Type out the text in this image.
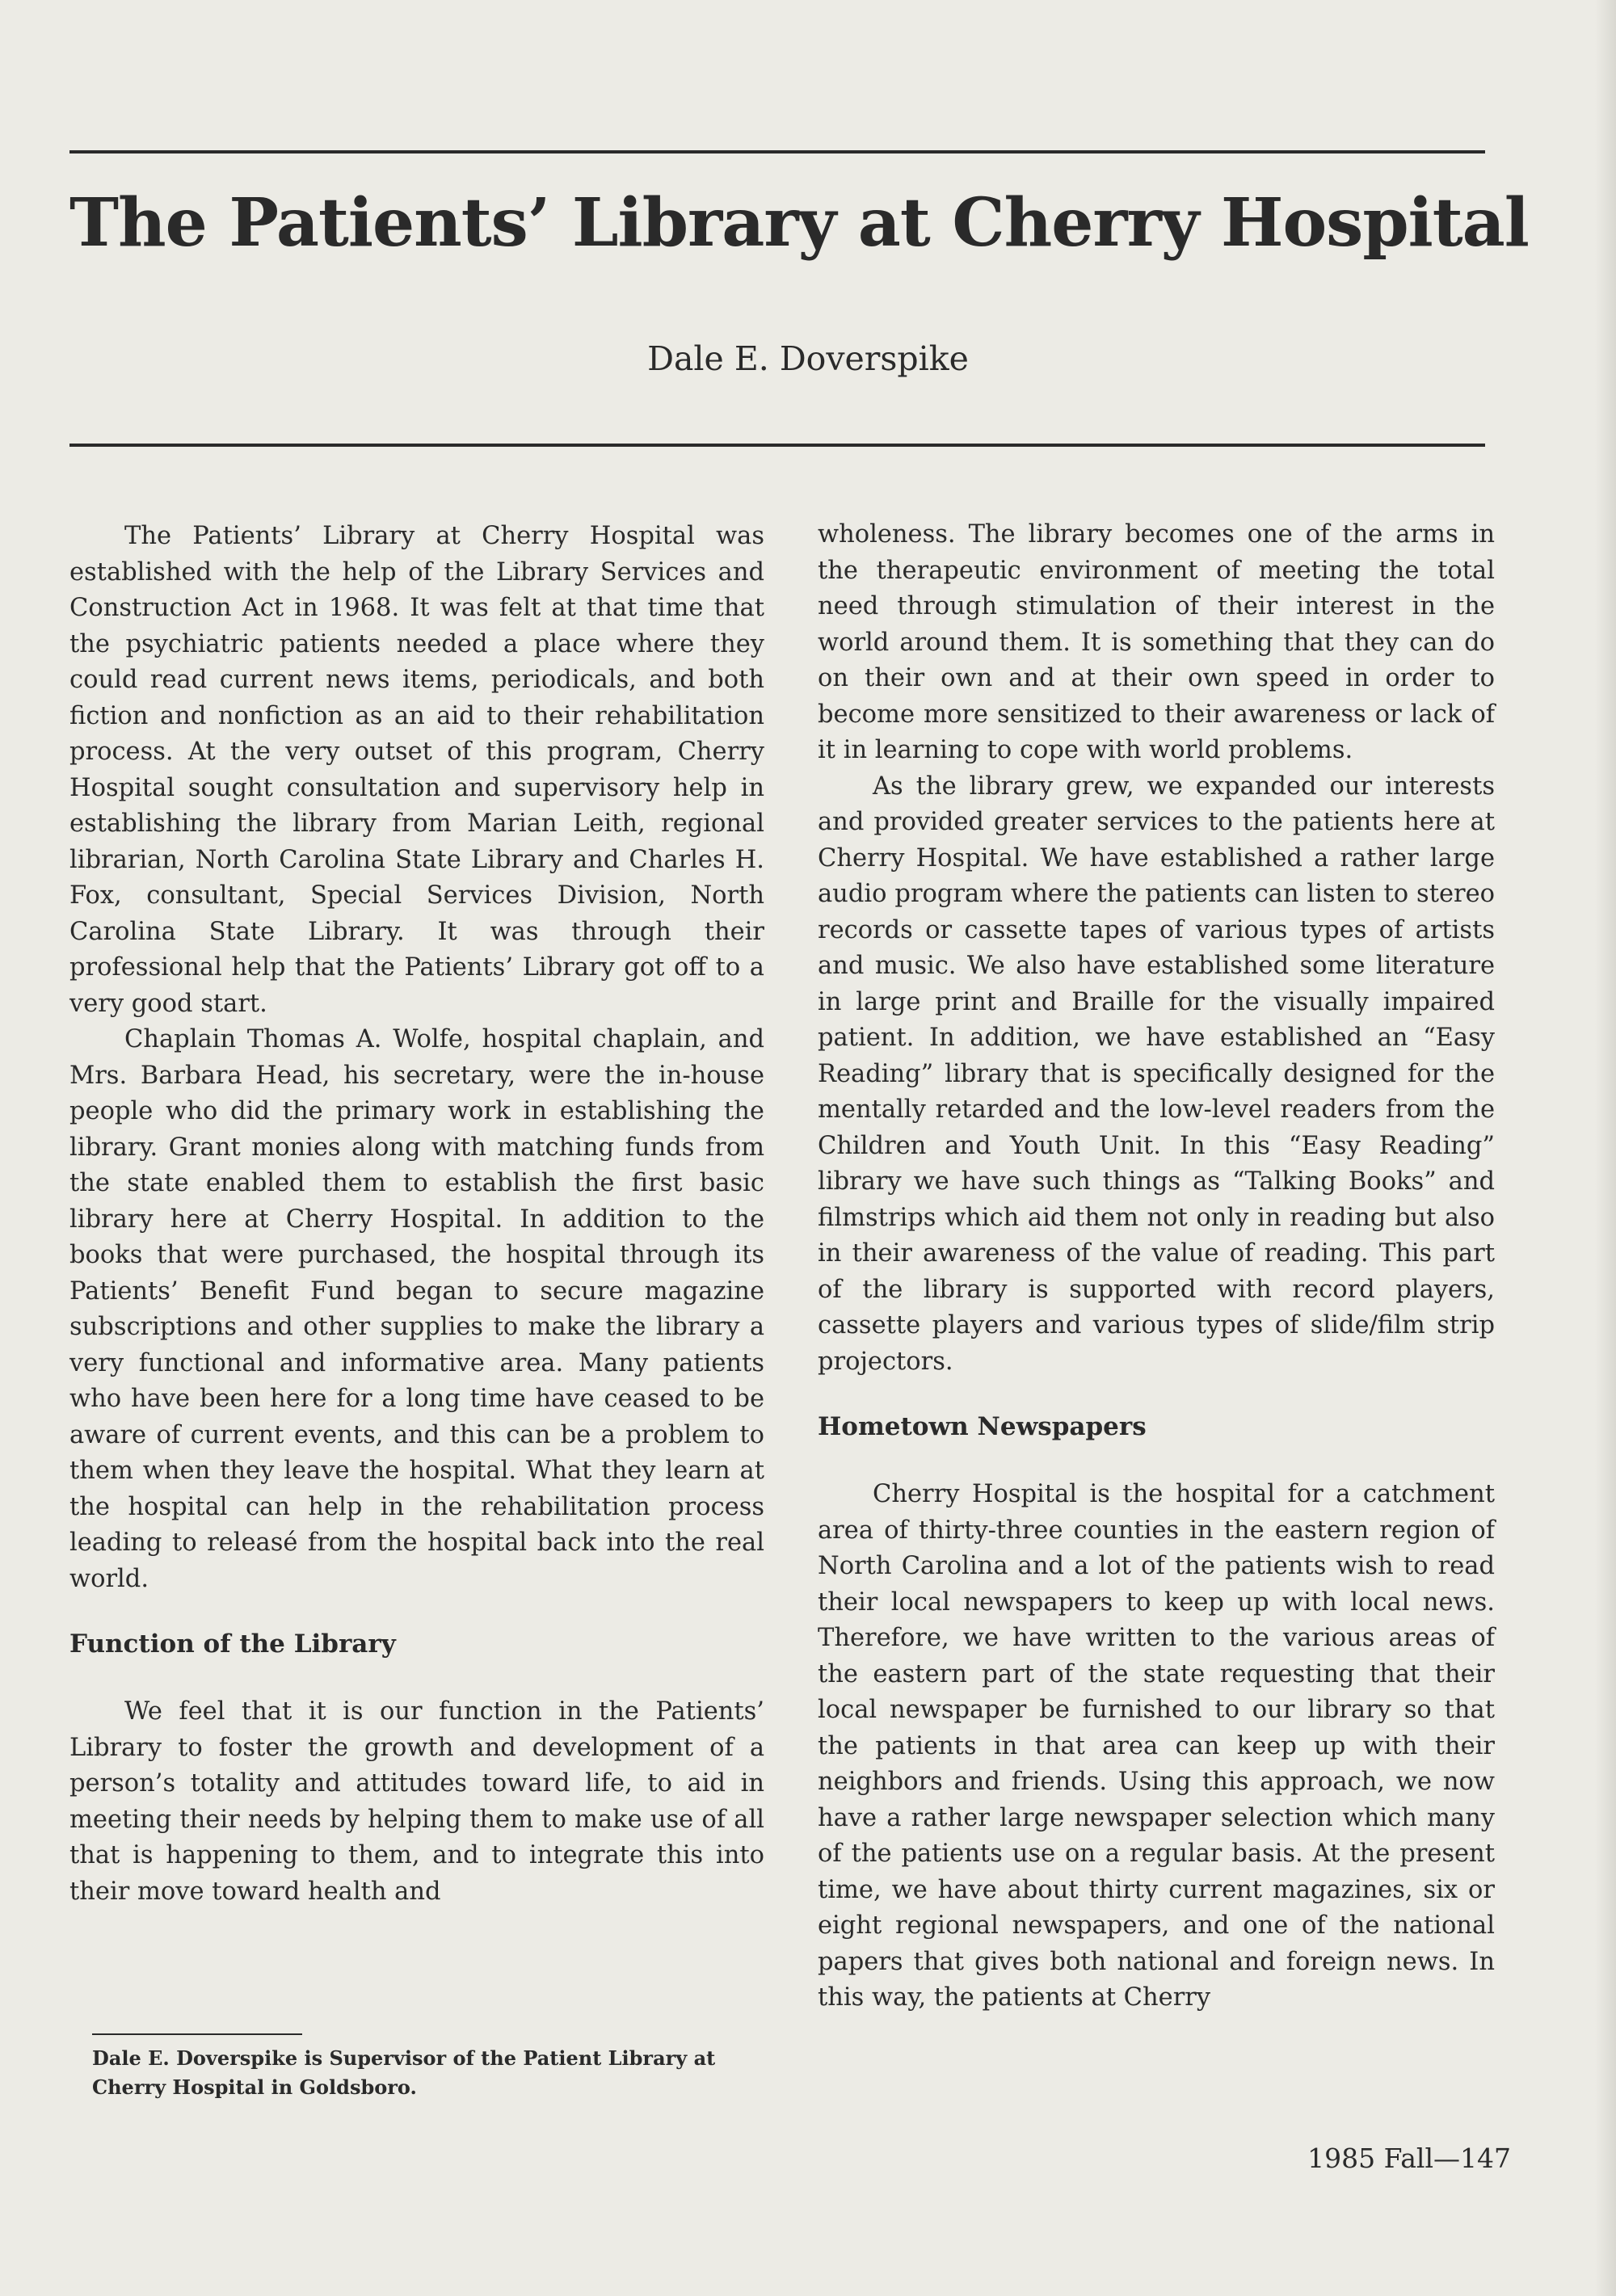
The Patients’ Library at Cherry Hospital
Dale E. Doverspike

The Patients’ Library at Cherry Hospital was established with the help of the Library Services and Construction Act in 1968. It was felt at that time that the psychiatric patients needed a place where they could read current news items, periodicals, and both fiction and nonfiction as an aid to their rehabilitation process. At the very outset of this program, Cherry Hospital sought consultation and supervisory help in establishing the library from Marian Leith, regional librarian, North Carolina State Library and Charles H. Fox, consultant, Special Services Division, North Carolina State Library. It was through their professional help that the Patients’ Library got off to a very good start.

Chaplain Thomas A. Wolfe, hospital chaplain, and Mrs. Barbara Head, his secretary, were the in-house people who did the primary work in establishing the library. Grant monies along with matching funds from the state enabled them to establish the first basic library here at Cherry Hospital. In addition to the books that were purchased, the hospital through its Patients’ Benefit Fund began to secure magazine subscriptions and other supplies to make the library a very functional and informative area. Many patients who have been here for a long time have ceased to be aware of current events, and this can be a problem to them when they leave the hospital. What they learn at the hospital can help in the rehabilitation process leading to releasé from the hospital back into the real world.

Function of the Library

We feel that it is our function in the Patients’ Library to foster the growth and development of a person’s totality and attitudes toward life, to aid in meeting their needs by helping them to make use of all that is happening to them, and to integrate this into their move toward health and

wholeness. The library becomes one of the arms in the therapeutic environment of meeting the total need through stimulation of their interest in the world around them. It is something that they can do on their own and at their own speed in order to become more sensitized to their awareness or lack of it in learning to cope with world problems.

As the library grew, we expanded our interests and provided greater services to the patients here at Cherry Hospital. We have established a rather large audio program where the patients can listen to stereo records or cassette tapes of various types of artists and music. We also have established some literature in large print and Braille for the visually impaired patient. In addition, we have established an “Easy Reading” library that is specifically designed for the mentally retarded and the low-level readers from the Children and Youth Unit. In this “Easy Reading” library we have such things as “Talking Books” and filmstrips which aid them not only in reading but also in their awareness of the value of reading. This part of the library is supported with record players, cassette players and various types of slide/film strip projectors.

Hometown Newspapers

Cherry Hospital is the hospital for a catchment area of thirty-three counties in the eastern region of North Carolina and a lot of the patients wish to read their local newspapers to keep up with local news. Therefore, we have written to the various areas of the eastern part of the state requesting that their local newspaper be furnished to our library so that the patients in that area can keep up with their neighbors and friends. Using this approach, we now have a rather large newspaper selection which many of the patients use on a regular basis. At the present time, we have about thirty current magazines, six or eight regional newspapers, and one of the national papers that gives both national and foreign news. In this way, the patients at Cherry

Dale E. Doverspike is Supervisor of the Patient Library at Cherry Hospital in Goldsboro.
1985 Fall—147
